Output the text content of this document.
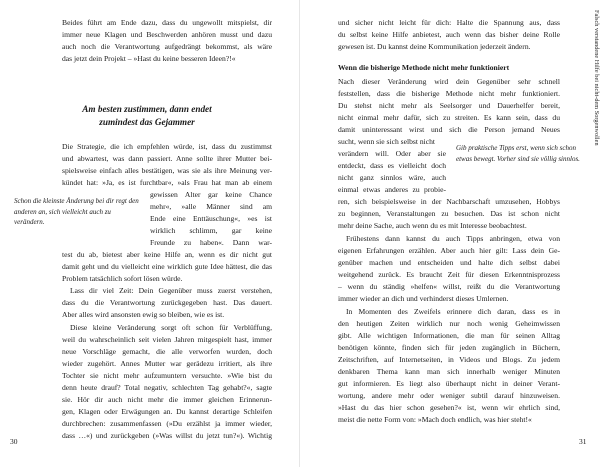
Beides führt am Ende dazu, dass du ungewollt mitspielst, dir

immer neue Klagen und Beschwerden anhören musst und dazu

auch noch die Verantwortung aufgedrängt bekommst, als wäre

das jetzt dein Projekt – »Hast du keine besseren Ideen?!«

Am besten zustimmen, dann endet

zumindest das Gejammer

Die Strategie, die ich empfehlen würde, ist, dass du zustimmst

und abwartest, was dann passiert. Anne sollte ihrer Mutter bei-

spielsweise einfach alles bestätigen, was sie als ihre Meinung ver-

kündet hat: »Ja, es ist furchtbar«, »als Frau hat man ab einem

gewissen Alter gar keine Chance

mehr«, »alle Männer sind am

Ende eine Enttäuschung«, »es ist

wirklich schlimm, gar keine

Freunde zu haben«. Dann war-

test du ab, bietest aber keine Hilfe an, wenn es dir nicht gut

damit geht und du vielleicht eine wirklich gute Idee hättest, die das

Problem tatsächlich sofort lösen würde.

Schon die kleinste Änderung bei dir regt den anderen an, sich vielleicht auch zu verändern.

Lass dir viel Zeit: Dein Gegenüber muss zuerst verstehen,

dass du die Verantwortung zurückgegeben hast. Das dauert.

Aber alles wird ansonsten ewig so bleiben, wie es ist.

Diese kleine Veränderung sorgt oft schon für Verblüffung,

weil du wahrscheinlich seit vielen Jahren mitgespielt hast, immer

neue Vorschläge gemacht, die alle verworfen wurden, doch

wieder zugehört. Annes Mutter war gerädezu irritiert, als ihre

Tochter sie nicht mehr aufzumuntern versuchte. »Wie bist du

denn heute drauf? Total negativ, schlechten Tag gehabt?«, sagte

sie. Hör dir auch nicht mehr die immer gleichen Erinnerun-

gen, Klagen oder Erwägungen an. Du kannst derartige Schleifen

durchbrechen: zusammenfassen (»Du erzählst ja immer wieder,

dass …«) und zurückgeben (»Was willst du jetzt tun?«). Wichtig

30

und sicher nicht leicht für dich: Halte die Spannung aus, dass

du selbst keine Hilfe anbietest, auch wenn das bisher deine Rolle

gewesen ist. Du kannst deine Kommunikation jederzeit ändern.

Wenn die bisherige Methode nicht mehr funktioniert

Nach dieser Veränderung wird dein Gegenüber sehr schnell

feststellen, dass die bisherige Methode nicht mehr funktioniert.

Du stehst nicht mehr als Seelsorger und Dauerhelfer bereit,

nicht einmal mehr dafür, sich zu streiten. Es kann sein, dass du

damit uninteressant wirst und sich die Person jemand Neues

sucht, wenn sie sich selbst nicht

verändern will. Oder aber sie

entdeckt, dass es vielleicht doch

nicht ganz sinnlos wäre, auch

einmal etwas anderes zu probie-

ren, sich beispielsweise in der Nachbarschaft umzusehen, Hobbys

zu beginnen, Veranstaltungen zu besuchen. Das ist schon nicht

mehr deine Sache, auch wenn du es mit Interesse beobachtest.

Gib praktische Tipps erst, wenn sich schon etwas bewegt. Vorher sind sie völlig sinnlos.

Frühestens dann kannst du auch Tipps anbringen, etwa von

eigenen Erfahrungen erzählen. Aber auch hier gilt: Lass dein Ge-

genüber machen und entscheiden und halte dich selbst dabei

weitgehend zurück. Es braucht Zeit für diesen Erkenntnisprozess

– wenn du ständig »helfen« willst, reißt du die Verantwortung

immer wieder an dich und verhinderst dieses Umlernen.

In Momenten des Zweifels erinnere dich daran, dass es in

den heutigen Zeiten wirklich nur noch wenig Geheimwissen

gibt. Alle wichtigen Informationen, die man für seinen Alltag

benötigen könnte, finden sich für jeden zugänglich in Büchern,

Zeitschriften, auf Internetseiten, in Videos und Blogs. Zu jedem

denkbaren Thema kann man sich innerhalb weniger Minuten

gut informieren. Es liegt also überhaupt nicht in deiner Verant-

wortung, andere mehr oder weniger subtil darauf hinzuweisen.

»Hast du das hier schon gesehen?« ist, wenn wir ehrlich sind,

meist die nette Form von: »Mach doch endlich, was hier steht!«

31

Falsch verstandene Hilfe bei nicht-dem Sorgenwollen
